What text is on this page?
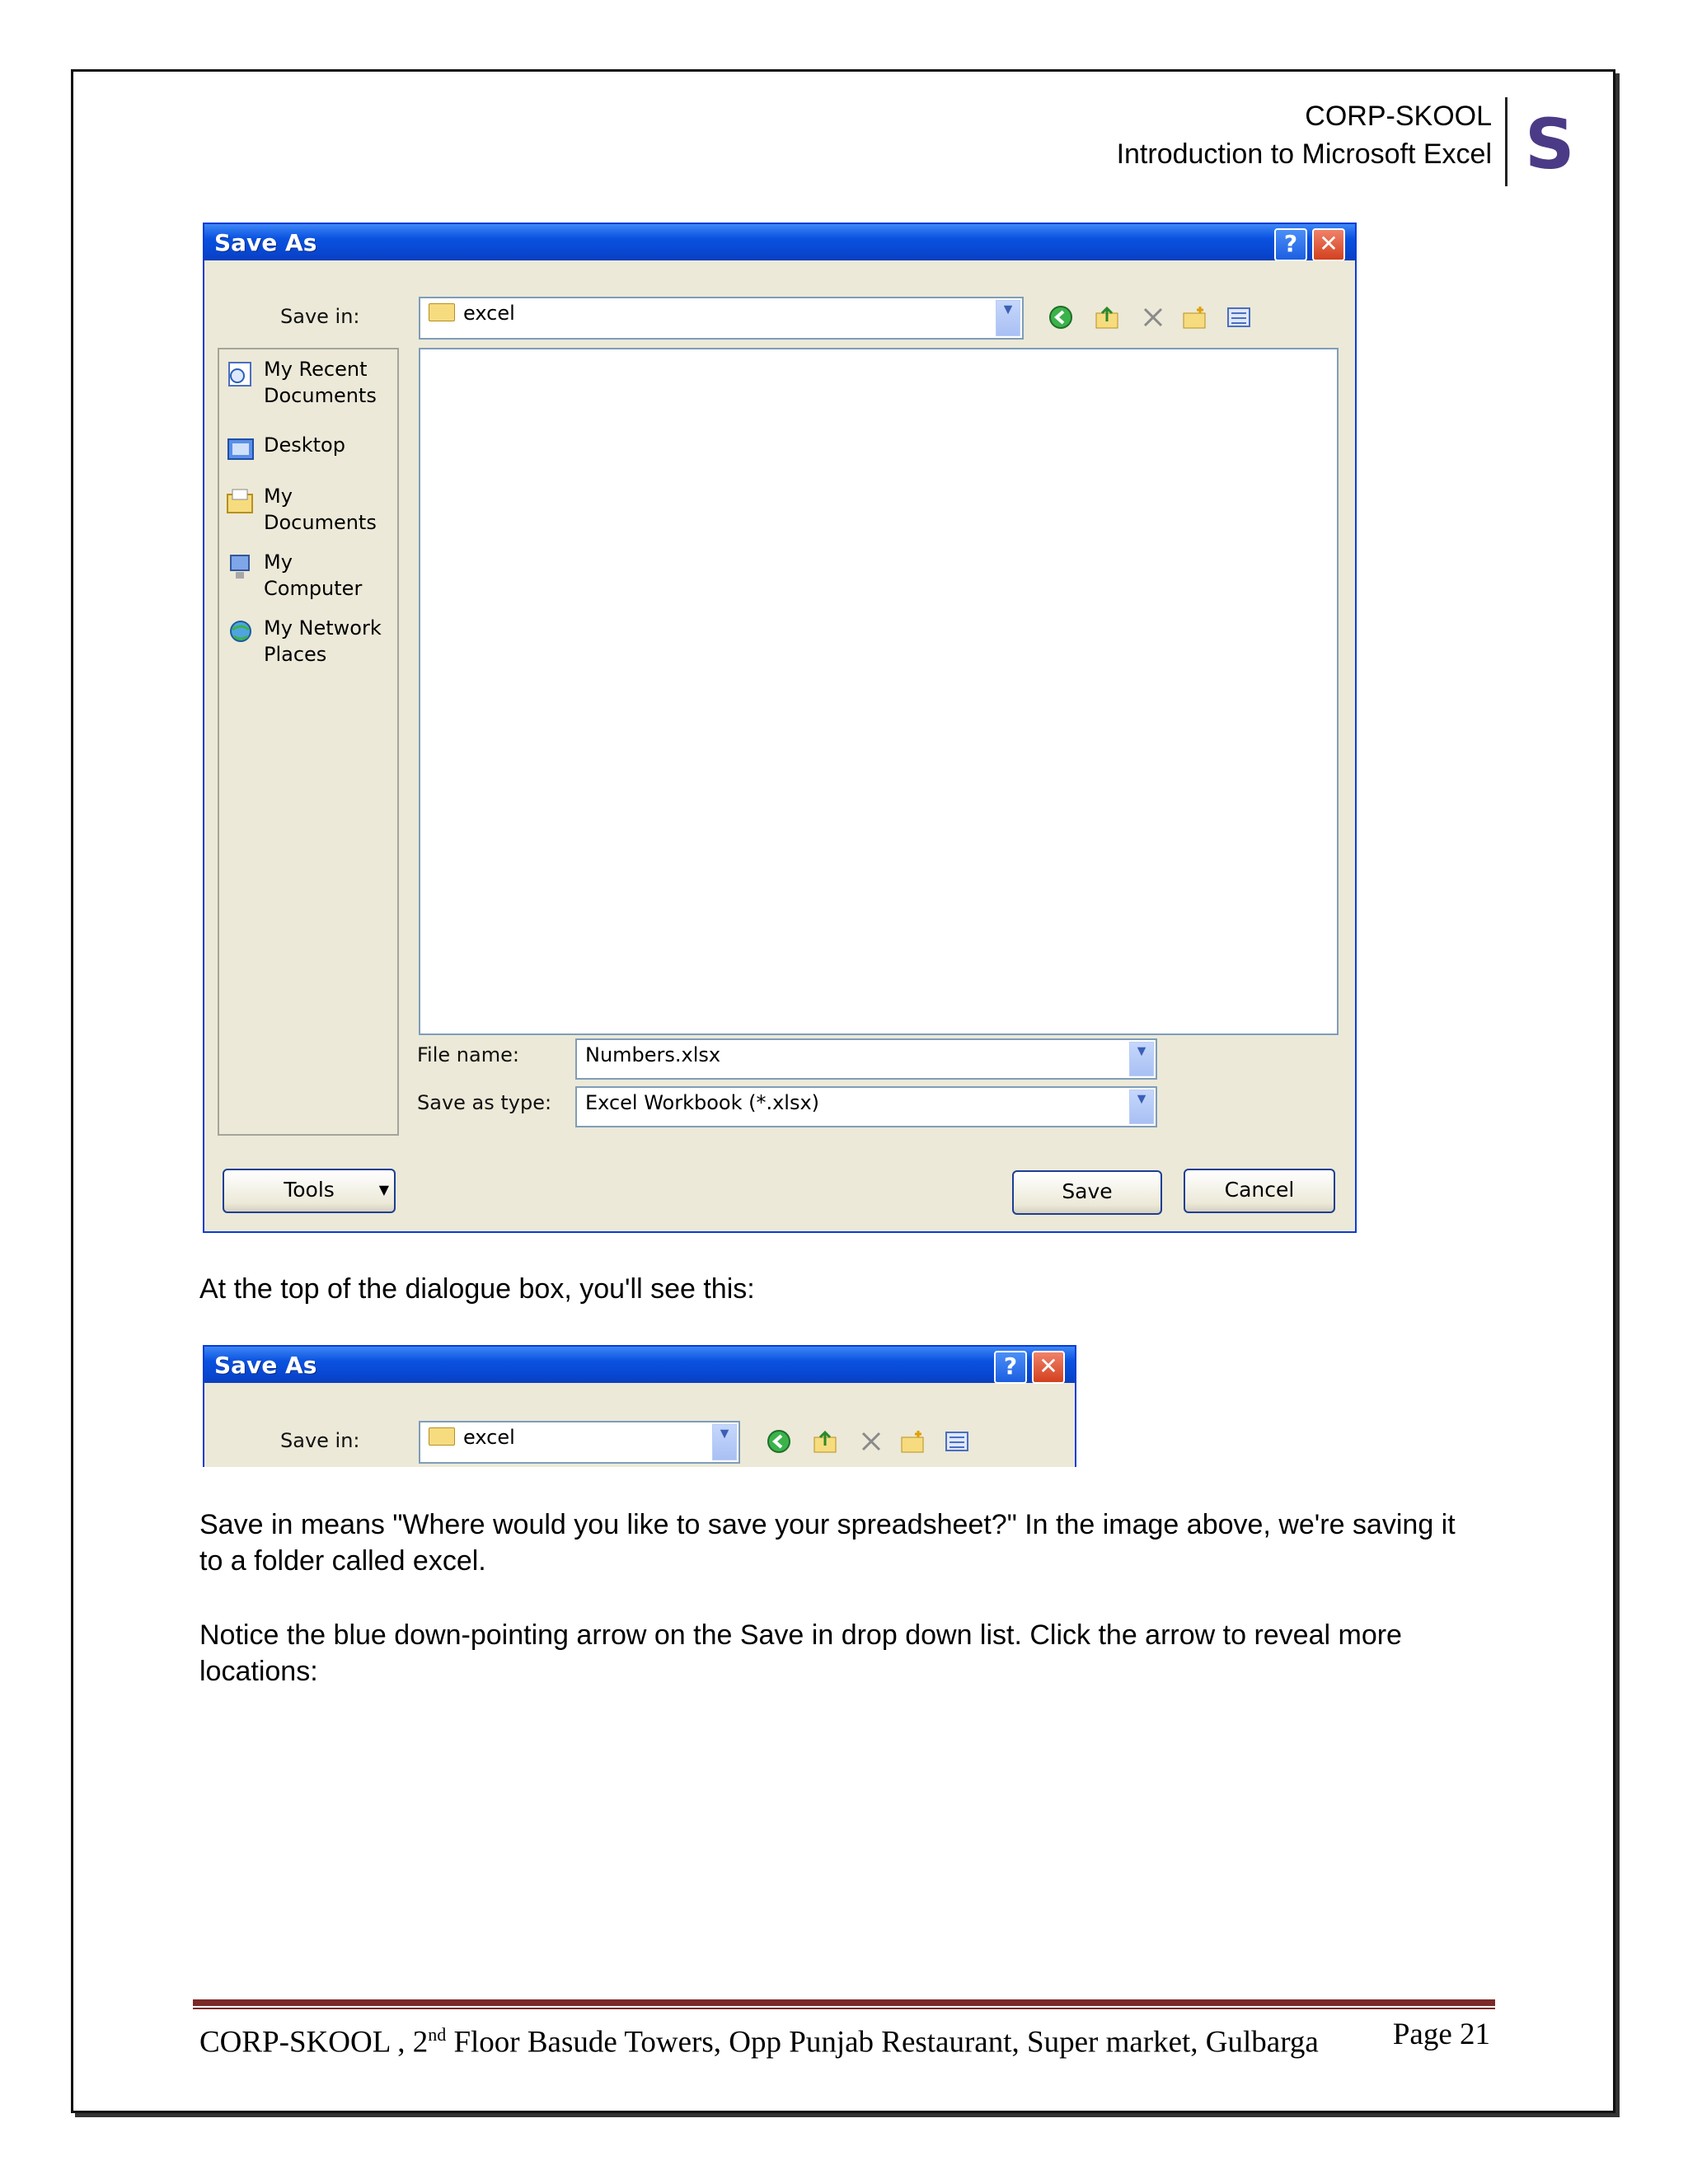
CORP-SKOOL
Introduction to Microsoft Excel S
Save As	? ✕
Save in:	excel	▼
My Recent
Documents
Desktop
My
Documents
My
Computer
My Network
Places
File name:	Numbers.xlsx	▼
Save as type: Excel Workbook (*.xlsx)	▼
Tools	▼	Save	Cancel
At the top of the dialogue box, you'll see this:
Save As	? ✕
Save in:	excel	▼
Save in means "Where would you like to save your spreadsheet?" In the image above, we're saving it to a folder called excel.
Notice the blue down-pointing arrow on the Save in drop down list. Click the arrow to reveal more locations:
CORP-SKOOL , 2nd Floor Basude Towers, Opp Punjab Restaurant, Super market, Gulbarga Page 21
